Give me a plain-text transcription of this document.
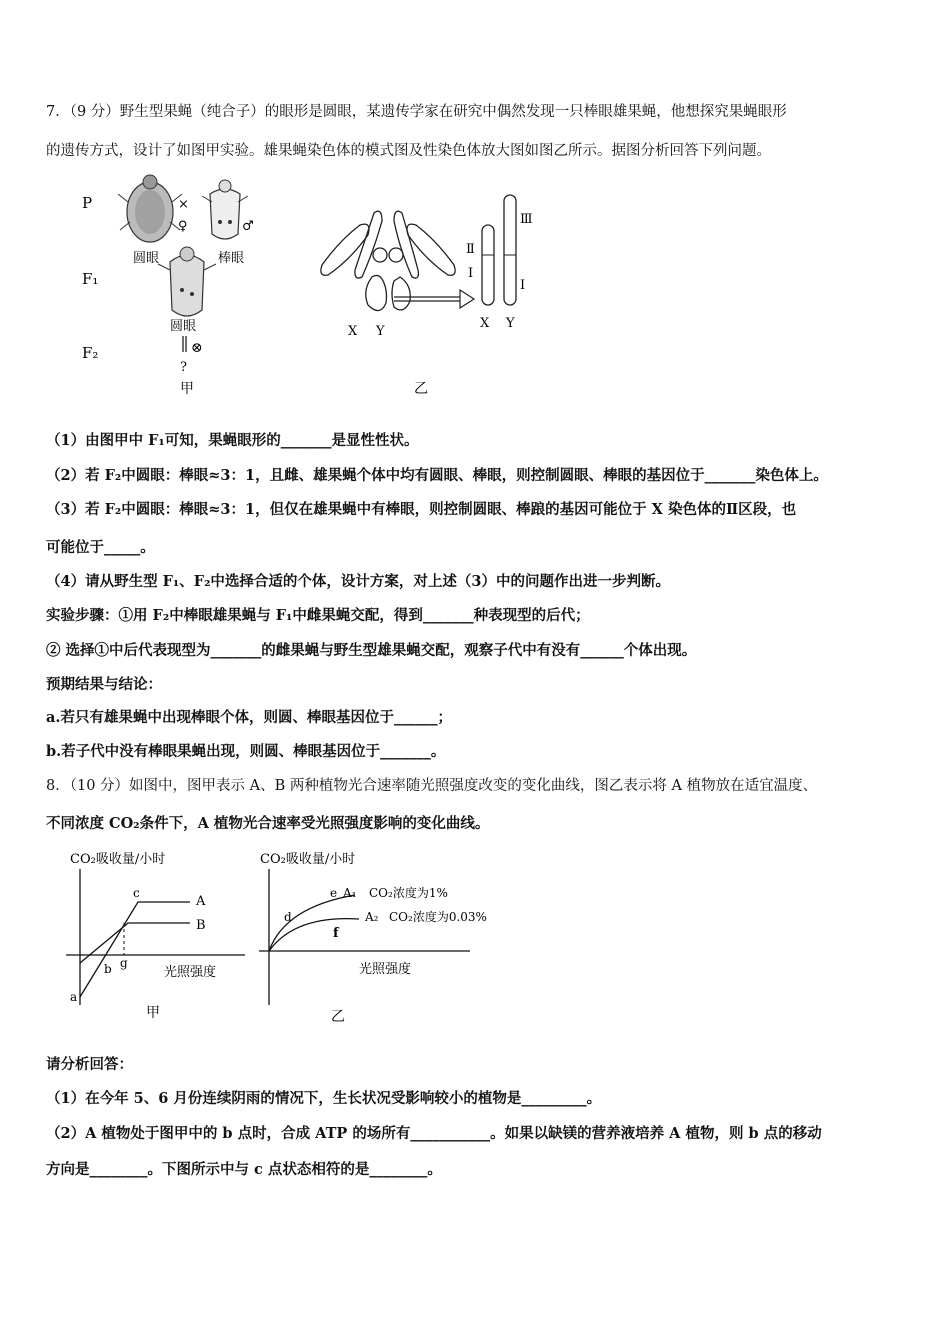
7．（9 分）野生型果蝇（纯合子）的眼形是圆眼，某遗传学家在研究中偶然发现一只棒眼雄果蝇，他想探究果蝇眼形
的遗传方式，设计了如图甲实验。雄果蝇染色体的模式图及性染色体放大图如图乙所示。据图分析回答下列问题。
P
F₁
F₂
×
♀
圆眼
♂
棒眼
圆眼
⊗
?
甲
X Y
Ⅱ
Ⅰ
Ⅲ
Ⅰ
X Y
乙
（1）由图甲中 F₁可知，果蝇眼形的_______是显性性状。
（2）若 F₂中圆眼：棒眼≈3：1，且雌、雄果蝇个体中均有圆眼、棒眼，则控制圆眼、棒眼的基因位于_______染色体上。
（3）若 F₂中圆眼：棒眼≈3：1，但仅在雄果蝇中有棒眼，则控制圆眼、棒踉的基因可能位于 X 染色体的Ⅱ区段，也
可能位于_____。
（4）请从野生型 F₁、F₂中选择合适的个体，设计方案，对上述（3）中的问题作出进一步判断。
实验步骤：①用 F₂中棒眼雄果蝇与 F₁中雌果蝇交配，得到_______种表现型的后代；
② 选择①中后代表现型为_______的雌果蝇与野生型雄果蝇交配，观察子代中有没有______个体出现。
预期结果与结论：
a.若只有雄果蝇中出现棒眼个体，则圆、棒眼基因位于______；
b.若子代中没有棒眼果蝇出现，则圆、棒眼基因位于_______。
8．（10 分）如图中，图甲表示 A、B 两种植物光合速率随光照强度改变的变化曲线，图乙表示将 A 植物放在适宜温度、
不同浓度 CO₂条件下，A 植物光合速率受光照强度影响的变化曲线。
CO₂吸收量/小时
A
B
c
g
b
a
光照强度
甲
CO₂吸收量/小时
d
e
f
A₁ CO₂浓度为1%
A₂ CO₂浓度为0.03%
光照强度
乙
请分析回答：
（1）在今年 5、6 月份连续阴雨的情况下，生长状况受影响较小的植物是_________。
（2）A 植物处于图甲中的 b 点时，合成 ATP 的场所有___________。如果以缺镁的营养液培养 A 植物，则 b 点的移动
方向是________。下图所示中与 c 点状态相符的是________。
